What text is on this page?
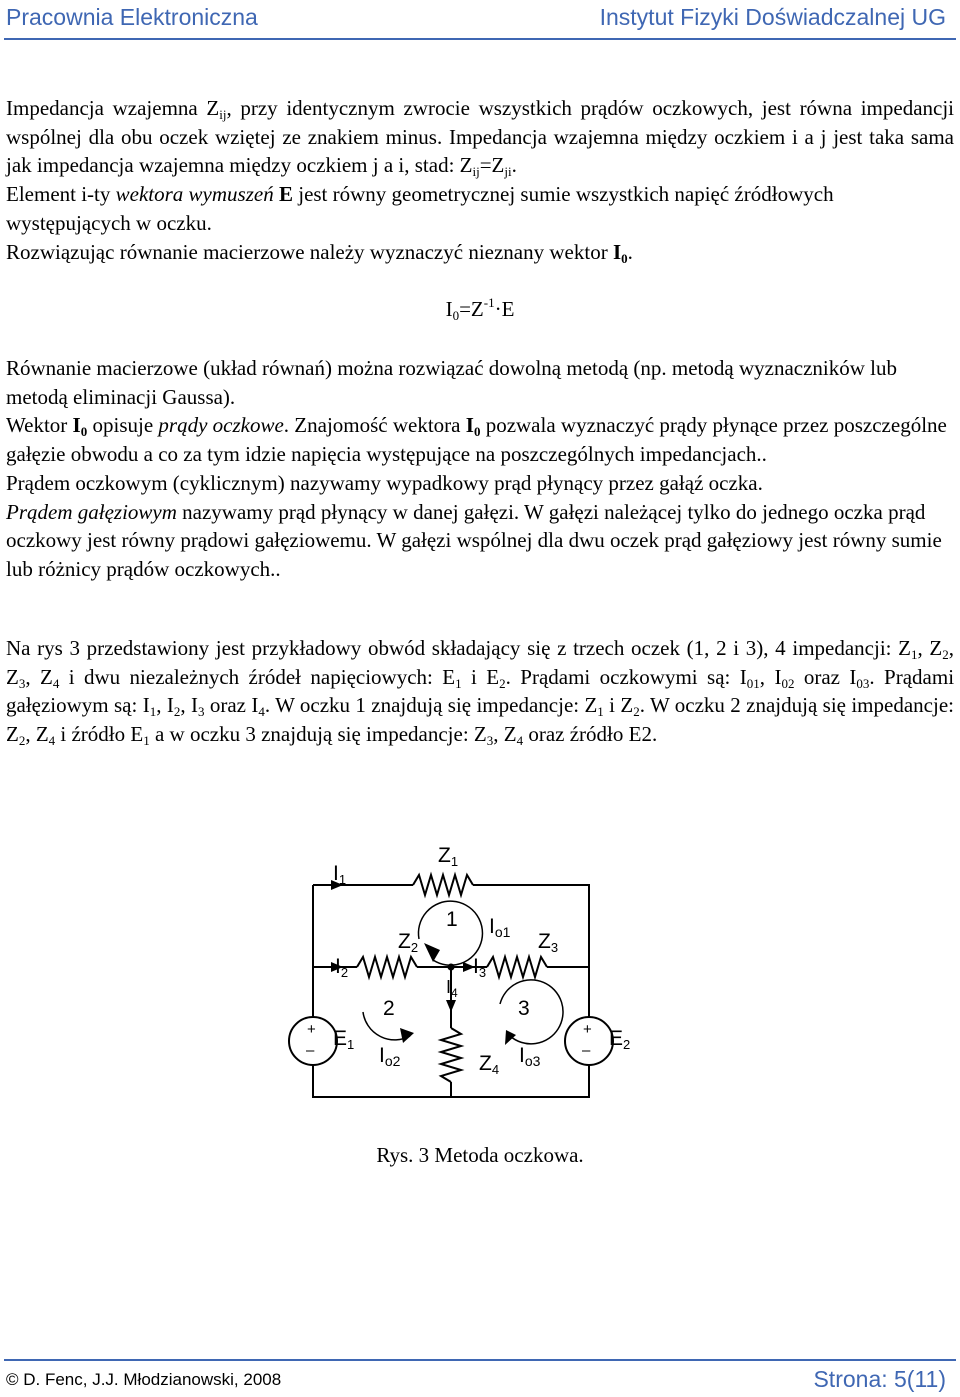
Pracownia Elektroniczna	Instytut Fizyki Doświadczalnej UG

Impedancja wzajemna $Z_{ij}$, przy identycznym zwrocie wszystkich prądów oczkowych, jest równa impedancji wspólnej dla obu oczek wziętej ze znakiem minus. Impedancja wzajemna między oczkiem i a j jest taka sama jak impedancja wzajemna między oczkiem j a i, stad: $Z_{ij}=Z_{ji}$.

Element i-ty wektora wymuszeń E jest równy geometrycznej sumie wszystkich napięć źródłowych występujących w oczku.

Rozwiązując równanie macierzowe należy wyznaczyć nieznany wektor $I_0$.

$I_0=Z^{-1}\cdot E$

Równanie macierzowe (układ równań) można rozwiązać dowolną metodą (np. metodą wyznaczników lub metodą eliminacji Gaussa).

Wektor $I_0$ opisuje prądy oczkowe. Znajomość wektora $I_0$ pozwala wyznaczyć prądy płynące przez poszczególne gałęzie obwodu a co za tym idzie napięcia występujące na poszczególnych impedancjach..

Prądem oczkowym (cyklicznym) nazywamy wypadkowy prąd płynący przez gałąź oczka.

Prądem gałęziowym nazywamy prąd płynący w danej gałęzi. W gałęzi należącej tylko do jednego oczka prąd oczkowy jest równy prądowi gałęziowemu. W gałęzi wspólnej dla dwu oczek prąd gałęziowy jest równy sumie lub różnicy prądów oczkowych..

Na rys 3 przedstawiony jest przykładowy obwód składający się z trzech oczek (1, 2 i 3), 4 impedancji: $Z_1$, $Z_2$, $Z_3$, $Z_4$ i dwu niezależnych źródeł napięciowych: $E_1$ i $E_2$. Prądami oczkowymi są: $I_{01}$, $I_{02}$ oraz $I_{03}$. Prądami gałęziowym są: $I_1$, $I_2$, $I_3$ oraz $I_4$. W oczku 1 znajdują się impedancje: $Z_1$ i $Z_2$. W oczku 2 znajdują się impedancje: $Z_2$, $Z_4$ i źródło $E_1$ a w oczku 3 znajdują się impedancje: $Z_3$, $Z_4$ oraz źródło E2.

Z1
I1
Z2
1 Io1 Z3
I2	I3
$I_4$
2	3
E1	E2
Io2	Z4
Io3
+
–
+
–

Rys. 3 Metoda oczkowa.

© D. Fenc, J.J. Młodzianowski, 2008	Strona: 5(11)
